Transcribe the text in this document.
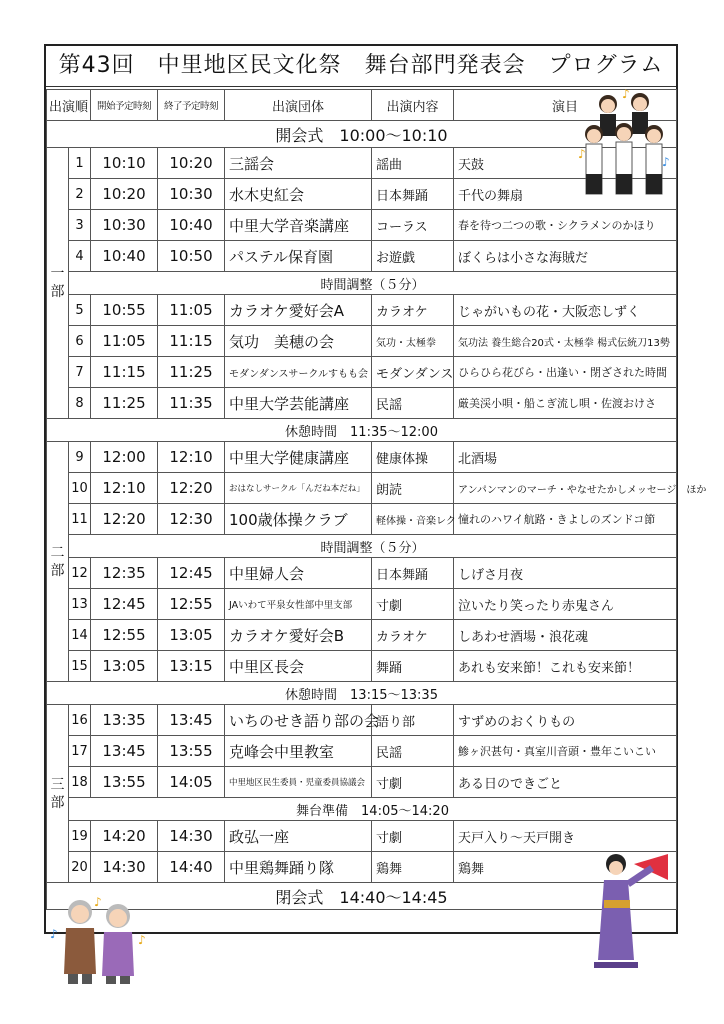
第43回　中里地区民文化祭　舞台部門発表会　プログラム
出演順		開始予定時刻	終了予定時刻	出演団体	出演内容	演目
開会式　10:00～10:10						
一部	1	10:10	10:20	三謡会	謡曲	天鼓
	2	10:20	10:30	水木史紅会	日本舞踊	千代の舞扇
	3	10:30	10:40	中里大学音楽講座	コーラス	春を待つ二つの歌・シクラメンのかほり
	4	10:40	10:50	パステル保育園	お遊戯	ぼくらは小さな海賊だ
	時間調整（５分）					
	5	10:55	11:05	カラオケ愛好会A	カラオケ	じゃがいもの花・大阪恋しずく
	6	11:05	11:15	気功　美穂の会	気功・太極拳	気功法 養生総合20式・太極拳 楊式伝統刀13勢
	7	11:15	11:25	モダンダンスサークルすもも会	モダンダンス	ひらひら花びら・出逢い・閉ざされた時間
	8	11:25	11:35	中里大学芸能講座	民謡	厳美渓小唄・船こぎ流し唄・佐渡おけさ
休憩時間　11:35～12:00						
二部	9	12:00	12:10	中里大学健康講座	健康体操	北酒場
	10	12:10	12:20	おはなしサークル「んだね本だね」	朗読	アンパンマンのマーチ・やなせたかしメッセージ　ほか
	11	12:20	12:30	100歳体操クラブ	軽体操・音楽レク	憧れのハワイ航路・きよしのズンドコ節
	時間調整（５分）					
	12	12:35	12:45	中里婦人会	日本舞踊	しげさ月夜
	13	12:45	12:55	JAいわて平泉女性部中里支部	寸劇	泣いたり笑ったり赤鬼さん
	14	12:55	13:05	カラオケ愛好会B	カラオケ	しあわせ酒場・浪花魂
	15	13:05	13:15	中里区長会	舞踊	あれも安来節！これも安来節！
休憩時間　13:15～13:35						
三部	16	13:35	13:45	いちのせき語り部の会	語り部	すずめのおくりもの
	17	13:45	13:55	克峰会中里教室	民謡	鯵ヶ沢甚句・真室川音頭・豊年こいこい
	18	13:55	14:05	中里地区民生委員・児童委員協議会	寸劇	ある日のできごと
	舞台準備　14:05～14:20					
	19	14:20	14:30	政弘一座	寸劇	天戸入り～天戸開き
	20	14:30	14:40	中里鶏舞踊り隊	鶏舞	鶏舞
閉会式　14:40～14:45						
♪
♪
♪
♪
♪	♪
